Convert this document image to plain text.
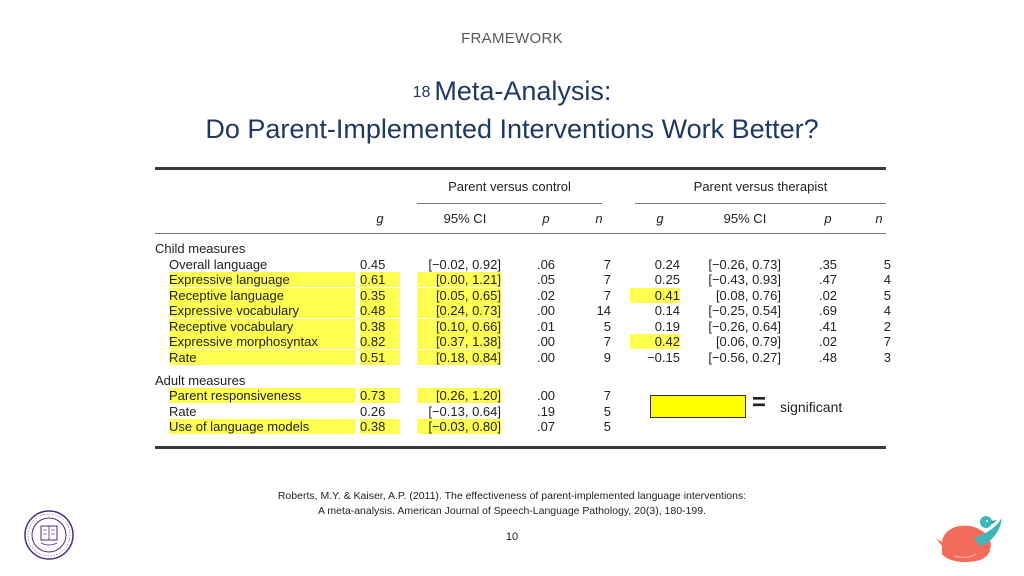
FRAMEWORK
$^{18}$ Meta-Analysis:
Do Parent-Implemented Interventions Work Better?
Parent versus control	Parent versus therapist
g	95% CI	p	n	g	95% CI	p	n
Child measures
Overall language	0.45	[−0.02, 0.92]	.06	7	0.24	[−0.26, 0.73]	.35	5
Expressive language	0.61	[0.00, 1.21]	.05	7	0.25	[−0.43, 0.93]	.47	4
Receptive language	0.35	[0.05, 0.65]	.02	7	0.41	[0.08, 0.76]	.02	5
Expressive vocabulary	0.48	[0.24, 0.73]	.00	14	0.14	[−0.25, 0.54]	.69	4
Receptive vocabulary	0.38	[0.10, 0.66]	.01	5	0.19	[−0.26, 0.64]	.41	2
Expressive morphosyntax	0.82	[0.37, 1.38]	.00	7	0.42	[0.06, 0.79]	.02	7
Rate	0.51	[0.18, 0.84]	.00	9	−0.15	[−0.56, 0.27]	.48	3
Adult measures
Parent responsiveness	0.73	[0.26, 1.20]	.00	7
Rate	0.26	[−0.13, 0.64]	.19	5
Use of language models	0.38	[−0.03, 0.80]	.07	5
= significant
Roberts, M.Y. & Kaiser, A.P. (2011). The effectiveness of parent-implemented language interventions:
A meta-analysis. American Journal of Speech-Language Pathology, 20(3), 180-199.
10
